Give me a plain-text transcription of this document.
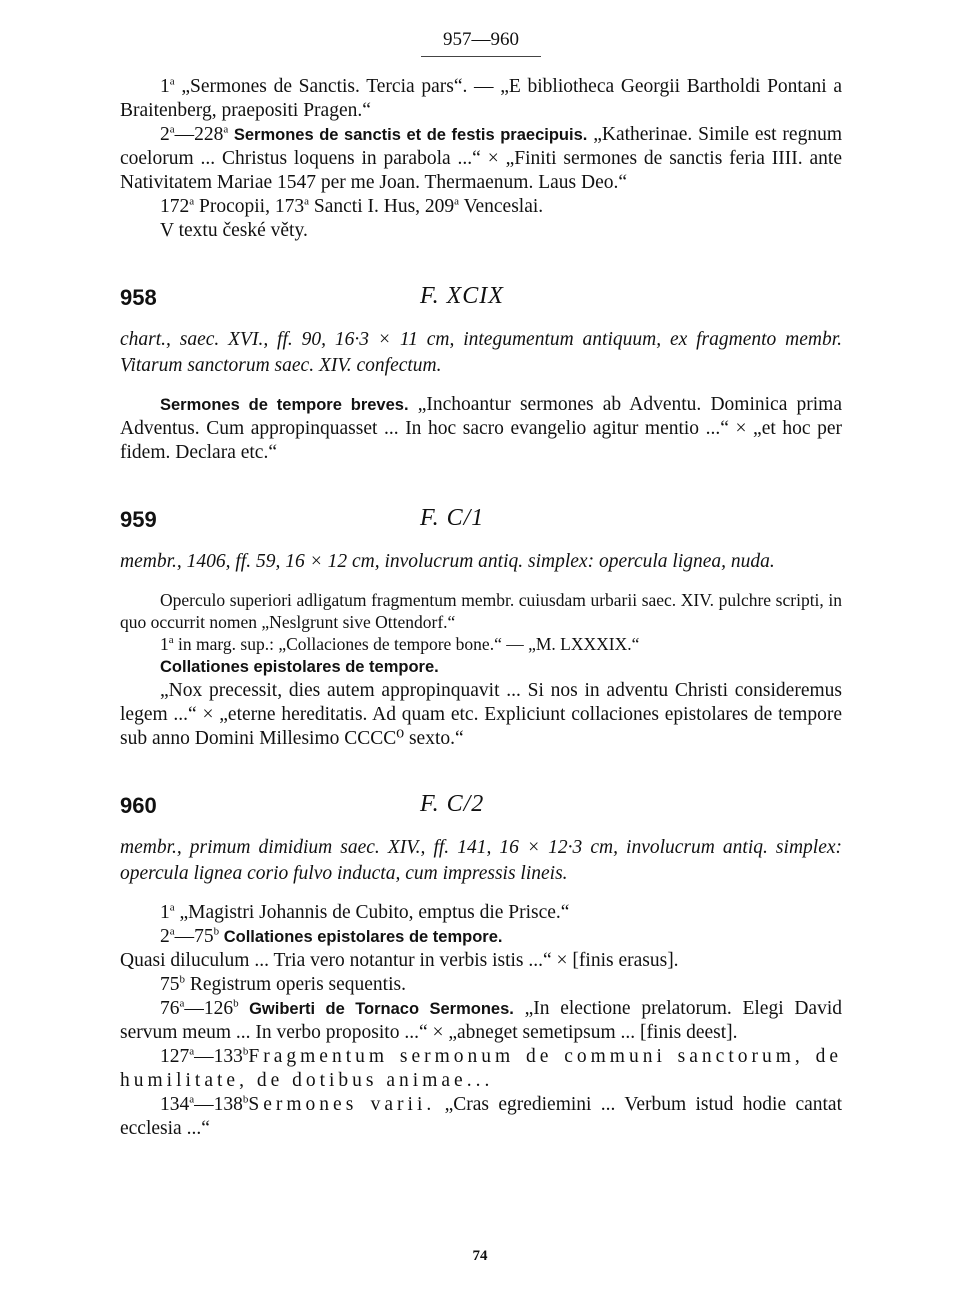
957—960

1$^a$ „Sermones de Sanctis. Tercia pars“. — „E bibliotheca Georgii Bartholdi Pontani a Braitenberg, praepositi Pragen.“

2$^a$—228$^a$ Sermones de sanctis et de festis praecipuis. „Katherinae. Simile est regnum coelorum ... Christus loquens in parabola ...“ × „Finiti sermones de sanctis feria IIII. ante Nativitatem Mariae 1547 per me Joan. Thermaenum. Laus Deo.“

172$^a$ Procopii, 173$^a$ Sancti I. Hus, 209$^a$ Venceslai.

V textu české věty.

958	F. XCIX

chart., saec. XVI., ff. 90, 16·3 × 11 cm, integumentum antiquum, ex fragmento membr. Vitarum sanctorum saec. XIV. confectum.

Sermones de tempore breves. „Inchoantur sermones ab Adventu. Dominica prima Adventus. Cum appropinquasset ... In hoc sacro evangelio agitur mentio ...“ × „et hoc per fidem. Declara etc.“

959	F. C/1

membr., 1406, ff. 59, 16 × 12 cm, involucrum antiq. simplex: opercula lignea, nuda.

Operculo superiori adligatum fragmentum membr. cuiusdam urbarii saec. XIV. pulchre scripti, in quo occurrit nomen „Neslgrunt sive Ottendorf.“

1$^a$ in marg. sup.: „Collaciones de tempore bone.“ — „M. LXXXIX.“

Collationes epistolares de tempore.

„Nox precessit, dies autem appropinquavit ... Si nos in adventu Christi consideremus legem ...“ × „eterne hereditatis. Ad quam etc. Expliciunt collaciones epistolares de tempore sub anno Domini Millesimo CCCC⁰ sexto.“

960	F. C/2

membr., primum dimidium saec. XIV., ff. 141, 16 × 12·3 cm, involucrum antiq. simplex: opercula lignea corio fulvo inducta, cum impressis lineis.

1$^a$ „Magistri Johannis de Cubito, emptus die Prisce.“

2$^a$—75$^b$ Collationes epistolares de tempore.

Quasi diluculum ... Tria vero notantur in verbis istis ...“ × [finis erasus].

75$^b$ Registrum operis sequentis.

76$^a$—126$^b$ Gwiberti de Tornaco Sermones. „In electione prelatorum. Elegi David servum meum ... In verbo proposito ...“ × „abneget semetipsum ... [finis deest].

127$^a$—133$^b$Fragmentum sermonum de communi sanctorum, de humilitate, de dotibus animae...

134$^a$—138$^b$Sermones varii. „Cras egrediemini ... Verbum istud hodie cantat ecclesia ...“

74
